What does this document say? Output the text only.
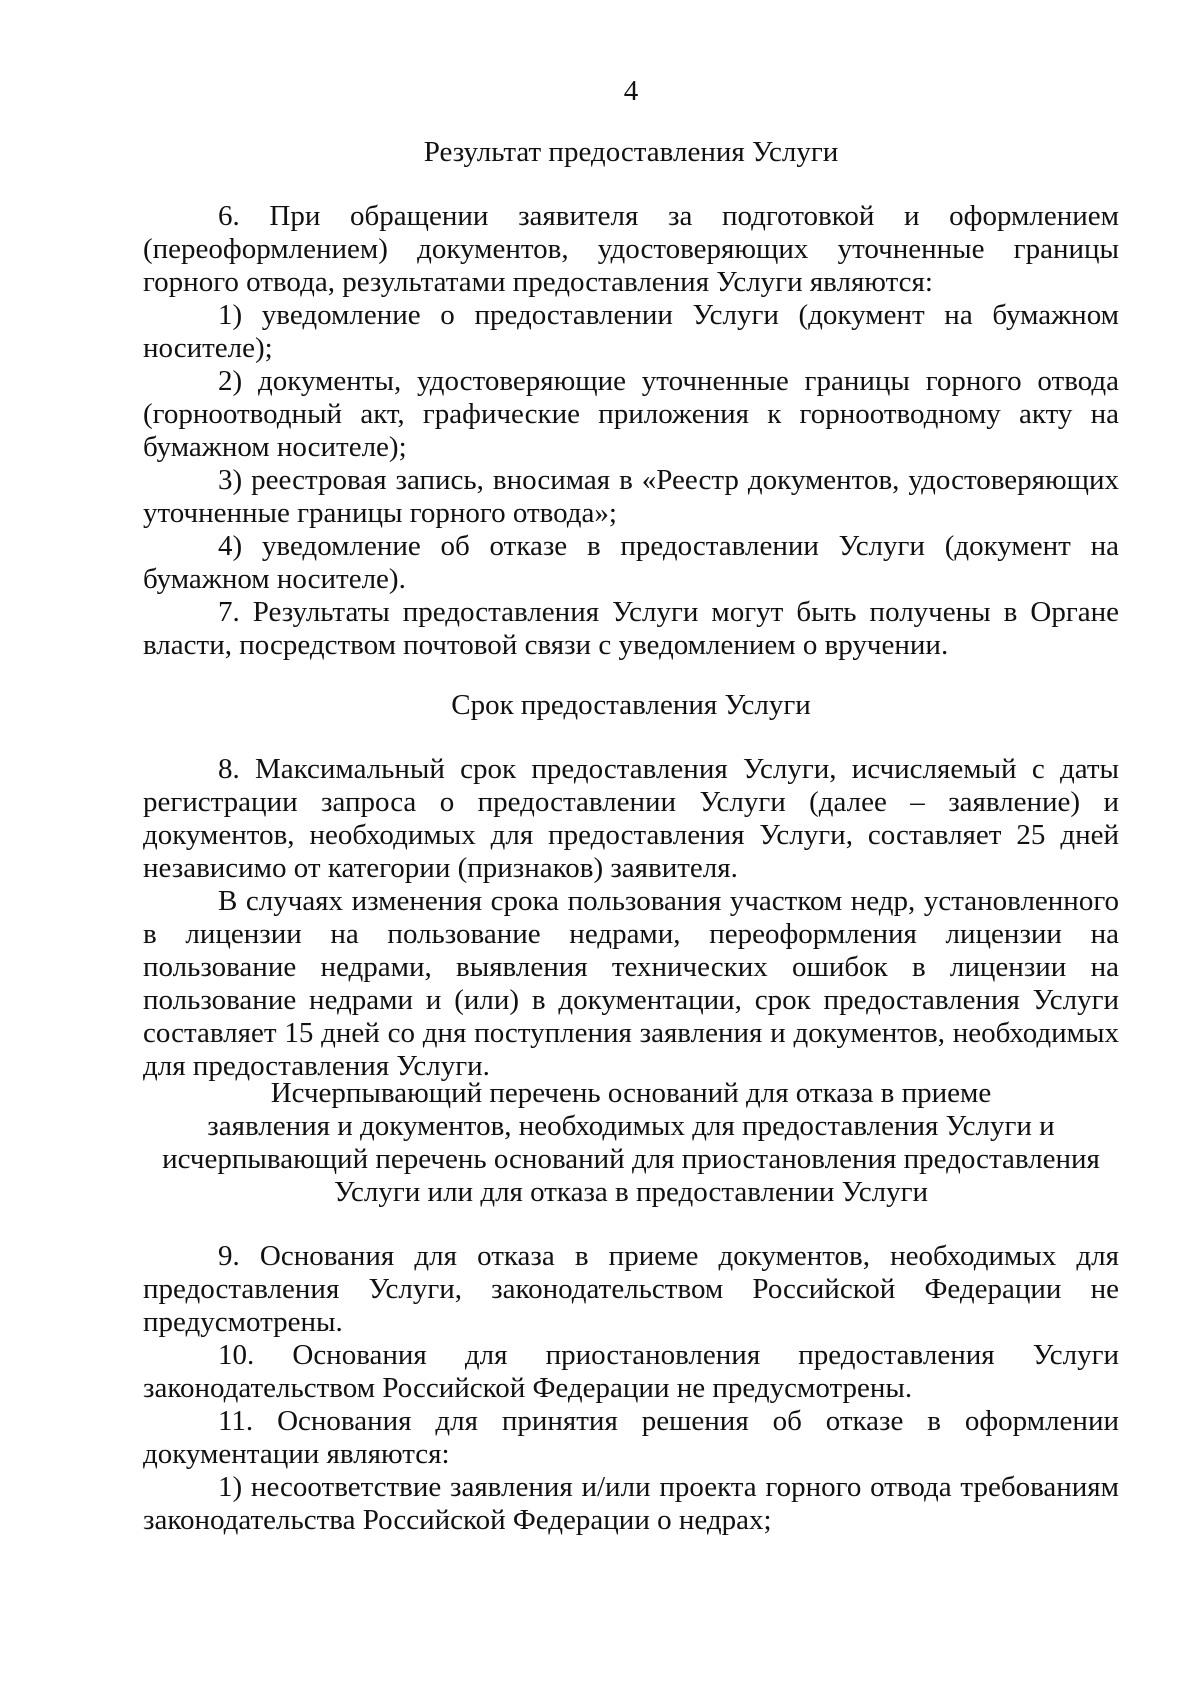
4
Результат предоставления Услуги

6. При обращении заявителя за подготовкой и оформлением (переоформлением) документов, удостоверяющих уточненные границы горного отвода, результатами предоставления Услуги являются:

1) уведомление о предоставлении Услуги (документ на бумажном носителе);

2) документы, удостоверяющие уточненные границы горного отвода (горноотводный акт, графические приложения к горноотводному акту на бумажном носителе);

3) реестровая запись, вносимая в «Реестр документов, удостоверяющих уточненные границы горного отвода»;

4) уведомление об отказе в предоставлении Услуги (документ на бумажном носителе).

7. Результаты предоставления Услуги могут быть получены в Органе власти, посредством почтовой связи с уведомлением о вручении.

Срок предоставления Услуги

8. Максимальный срок предоставления Услуги, исчисляемый с даты регистрации запроса о предоставлении Услуги (далее – заявление) и документов, необходимых для предоставления Услуги, составляет 25 дней независимо от категории (признаков) заявителя.

В случаях изменения срока пользования участком недр, установленного в лицензии на пользование недрами, переоформления лицензии на пользование недрами, выявления технических ошибок в лицензии на пользование недрами и (или) в документации, срок предоставления Услуги составляет 15 дней со дня поступления заявления и документов, необходимых для предоставления Услуги.

Исчерпывающий перечень оснований для отказа в приеме
заявления и документов, необходимых для предоставления Услуги и
исчерпывающий перечень оснований для приостановления предоставления
Услуги или для отказа в предоставлении Услуги

9. Основания для отказа в приеме документов, необходимых для предоставления Услуги, законодательством Российской Федерации не предусмотрены.

10. Основания для приостановления предоставления Услуги законодательством Российской Федерации не предусмотрены.

11. Основания для принятия решения об отказе в оформлении документации являются:

1) несоответствие заявления и/или проекта горного отвода требованиям законодательства Российской Федерации о недрах;
